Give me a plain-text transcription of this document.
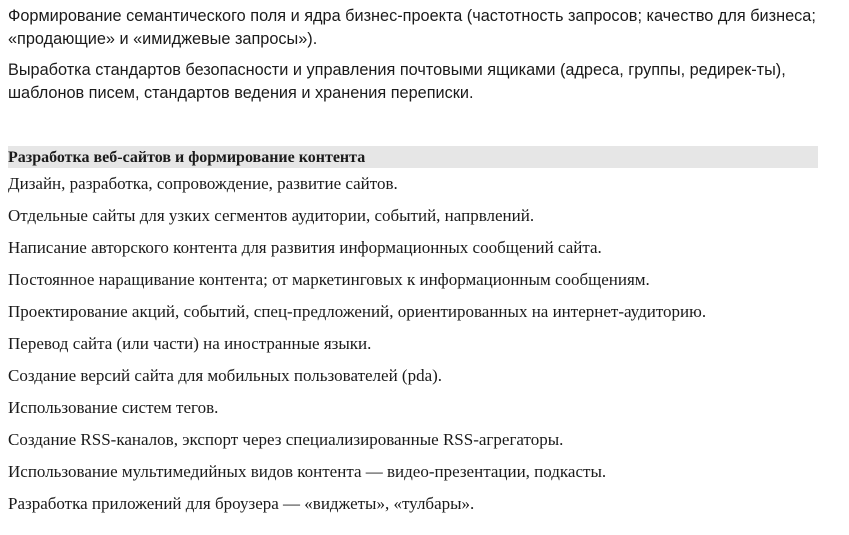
Формирование семантического поля и ядра бизнес-проекта (частотность запросов; качество для бизнеса; «продающие» и «имиджевые запросы»).

Выработка стандартов безопасности и управления почтовыми ящиками (адреса, группы, редирек-ты), шаблонов писем, стандартов ведения и хранения переписки.

Разработка веб-сайтов и формирование контента
Дизайн, разработка, сопровождение, развитие сайтов.
Отдельные сайты для узких сегментов аудитории, событий, напрвлений.
Написание авторского контента для развития информационных сообщений сайта.
Постоянное наращивание контента; от маркетинговых к информационным сообщениям.
Проектирование акций, событий, спец-предложений, ориентированных на интернет-аудиторию.
Перевод сайта (или части) на иностранные языки.
Создание версий сайта для мобильных пользователей (pda).
Использование систем тегов.
Создание RSS-каналов, экспорт через специализированные RSS-агрегаторы.
Использование мультимедийных видов контента — видео-презентации, подкасты.
Разработка приложений для броузера — «виджеты», «тулбары».
